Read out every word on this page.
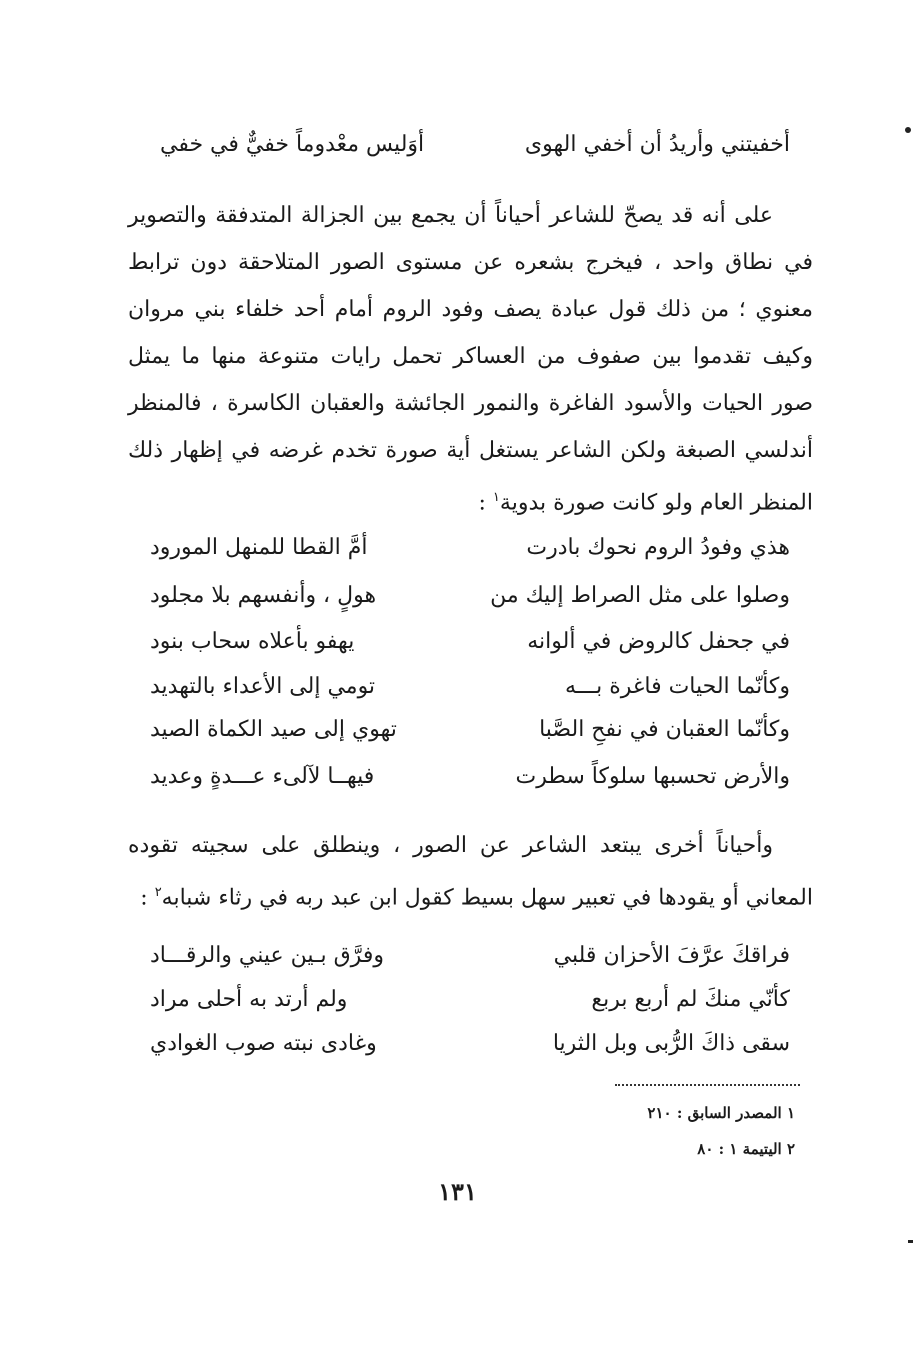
أخفيتني وأريدُ أن أخفي الهوى
أوَليس معْدوماً خفيٌّ في خفي
على أنه قد يصحّ للشاعر أحياناً أن يجمع بين الجزالة المتدفقة والتصوير
في نطاق واحد ، فيخرج بشعره عن مستوى الصور المتلاحقة دون ترابط
معنوي ؛ من ذلك قول عبادة يصف وفود الروم أمام أحد خلفاء بني مروان
وكيف تقدموا بين صفوف من العساكر تحمل رايات متنوعة منها ما يمثل
صور الحيات والأسود الفاغرة والنمور الجائشة والعقبان الكاسرة ، فالمنظر
أندلسي الصبغة ولكن الشاعر يستغل أية صورة تخدم غرضه في إظهار ذلك
المنظر العام ولو كانت صورة بدوية$^١$ :
هذي وفودُ الروم نحوك بادرت
أمَّ القطا للمنهل المورود
وصلوا على مثل الصراط إليك من
هولٍ ، وأنفسهم بلا مجلود
في جحفل كالروض في ألوانه
يهفو بأعلاه سحاب بنود
وكأنّما الحيات فاغرة بـــه
تومي إلى الأعداء بالتهديد
وكأنّما العقبان في نفحِ الصَّبا
تهوي إلى صيد الكماة الصيد
والأرض تحسبها سلوكاً سطرت
فيهــا لآلىء عـــدةٍ وعديد
وأحياناً أخرى يبتعد الشاعر عن الصور ، وينطلق على سجيته تقوده
المعاني أو يقودها في تعبير سهل بسيط كقول ابن عبد ربه في رثاء شبابه$^٢$ :
فراقكَ عرَّفَ الأحزان قلبي
وفرَّق بـين عيني والرقـــاد
كأنّي منكَ لم أربع بربع
ولم أرتد به أحلى مراد
سقى ذاكَ الرُّبى وبل الثريا
وغادى نبته صوب الغوادي
١ المصدر السابق : ٢١٠
٢ اليتيمة ١ : ٨٠
١٣١
